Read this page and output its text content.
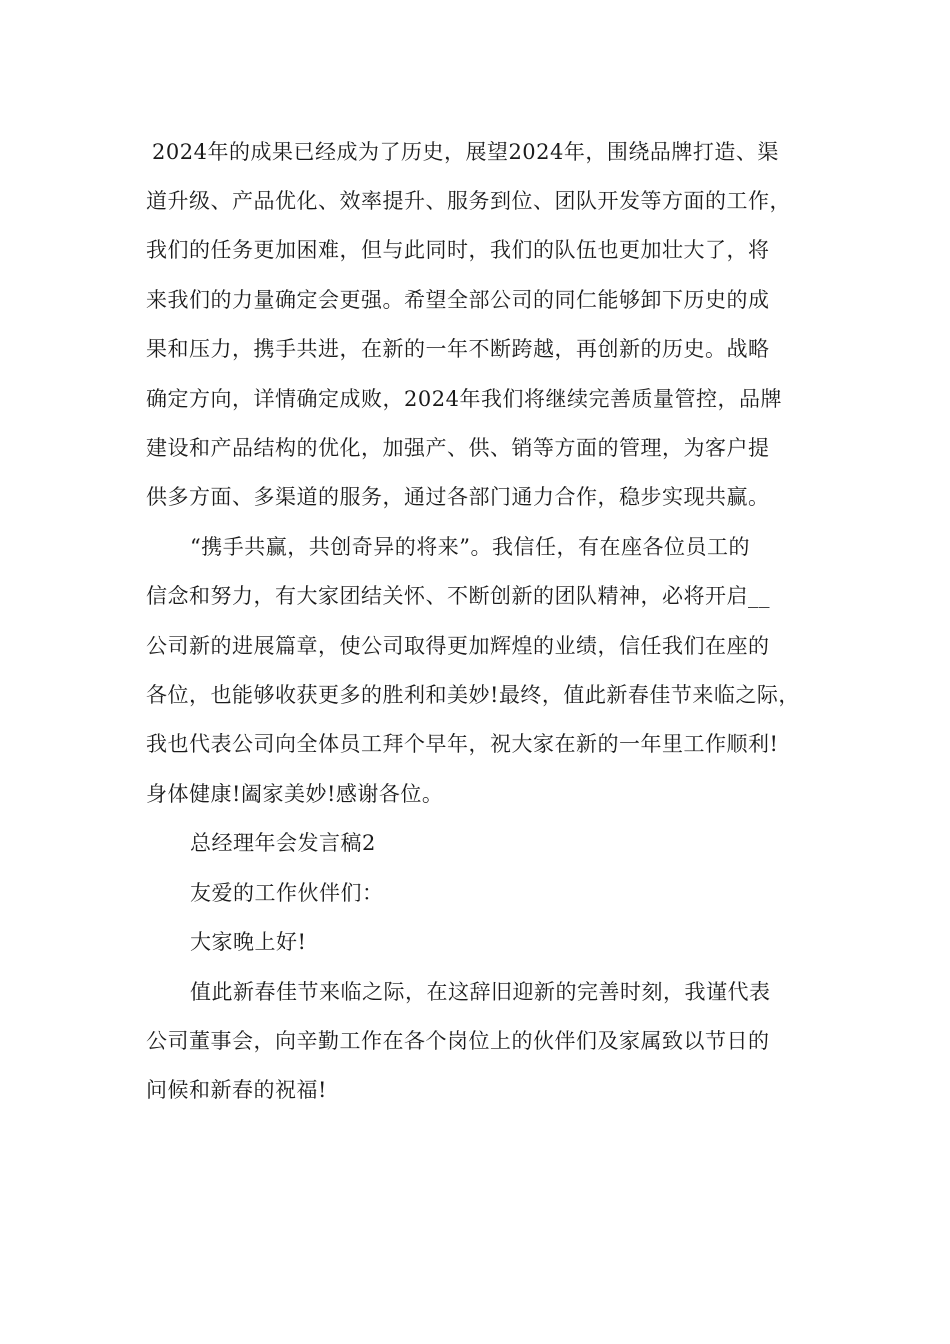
2024年的成果已经成为了历史，展望2024年，围绕品牌打造、渠
道升级、产品优化、效率提升、服务到位、团队开发等方面的工作，
我们的任务更加困难，但与此同时，我们的队伍也更加壮大了，将
来我们的力量确定会更强。希望全部公司的同仁能够卸下历史的成
果和压力，携手共进，在新的一年不断跨越，再创新的历史。战略
确定方向，详情确定成败，2024年我们将继续完善质量管控，品牌
建设和产品结构的优化，加强产、供、销等方面的管理，为客户提
供多方面、多渠道的服务，通过各部门通力合作，稳步实现共赢。
“携手共赢，共创奇异的将来”。我信任，有在座各位员工的
信念和努力，有大家团结关怀、不断创新的团队精神，必将开启__
公司新的进展篇章，使公司取得更加辉煌的业绩，信任我们在座的
各位，也能够收获更多的胜利和美妙!最终，值此新春佳节来临之际，
我也代表公司向全体员工拜个早年，祝大家在新的一年里工作顺利!
身体健康!阖家美妙!感谢各位。
总经理年会发言稿2
友爱的工作伙伴们：
大家晚上好!
值此新春佳节来临之际，在这辞旧迎新的完善时刻，我谨代表
公司董事会，向辛勤工作在各个岗位上的伙伴们及家属致以节日的
问候和新春的祝福!
